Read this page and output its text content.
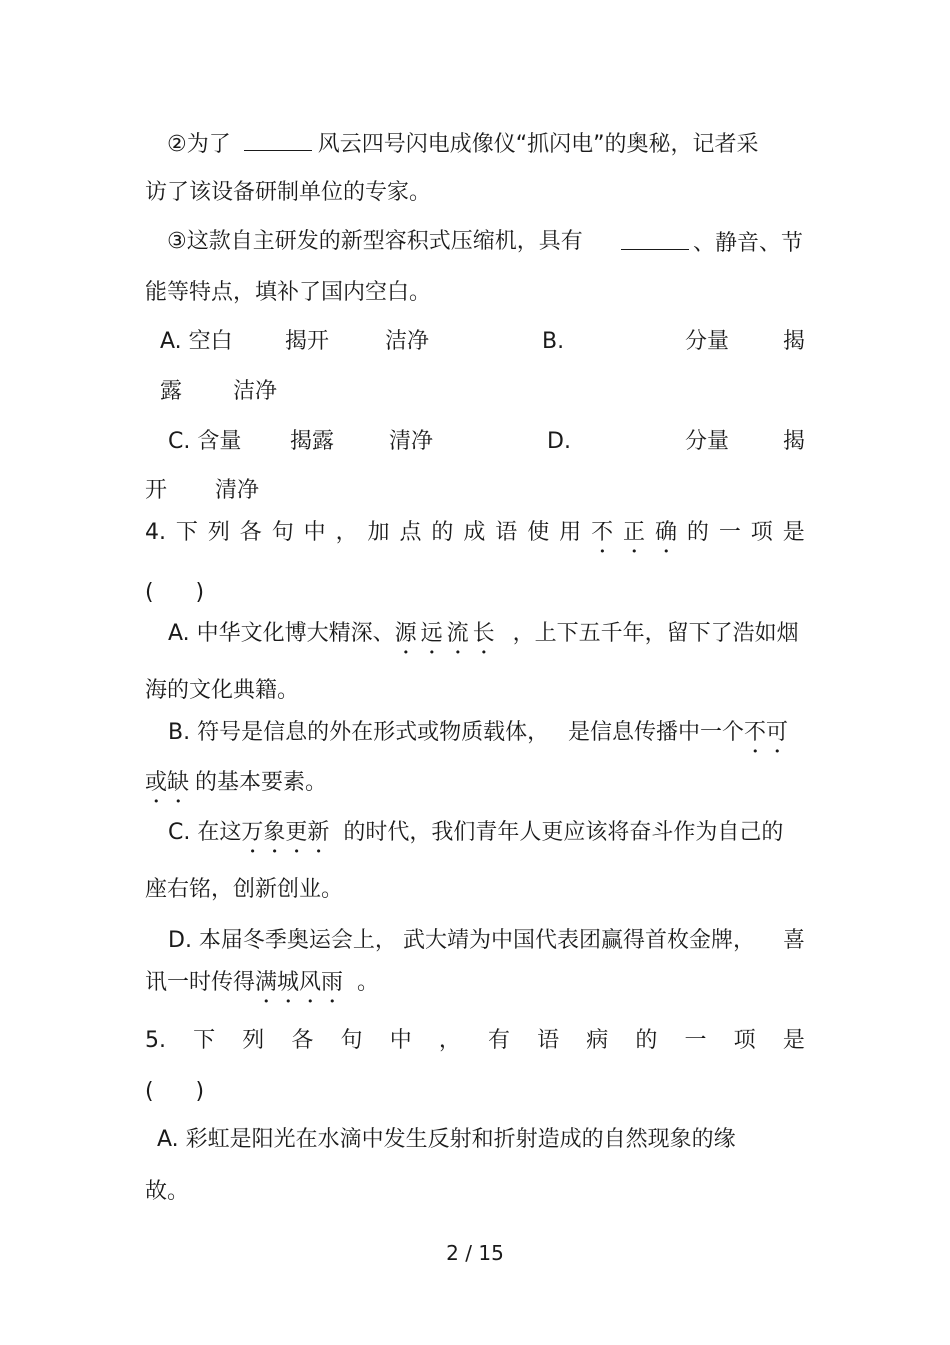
②为了	风云四号闪电成像仪“抓闪电”的奥秘，记者采
访了该设备研制单位的专家。
③这款自主研发的新型容积式压缩机，具有	、静音、节
能等特点，填补了国内空白。
A. 空白 揭开	洁净	B.	分量 揭
露 洁净
C. 含量 揭露 清净	D.	分量 揭
开 清净
4. 下 列 各 句 中 ， 加 点 的 成 语 使 用 不 正 确 的 一 项 是
(      )
A. 中华文化博大精深、源远流长 ，上下五千年，留下了浩如烟
海的文化典籍。
B. 符号是信息的外在形式或物质载体， 是信息传播中一个不可
或缺 的基本要素。
C. 在这万象更新 的时代，我们青年人更应该将奋斗作为自己的
座右铭，创新创业。
D. 本届冬季奥运会上， 武大靖为中国代表团赢得首枚金牌， 喜
讯一时传得满城风雨 。
5. 下 列 各 句 中 ， 有 语 病 的 一 项 是
(      )
A. 彩虹是阳光在水滴中发生反射和折射造成的自然现象的缘
故。
2 / 15
